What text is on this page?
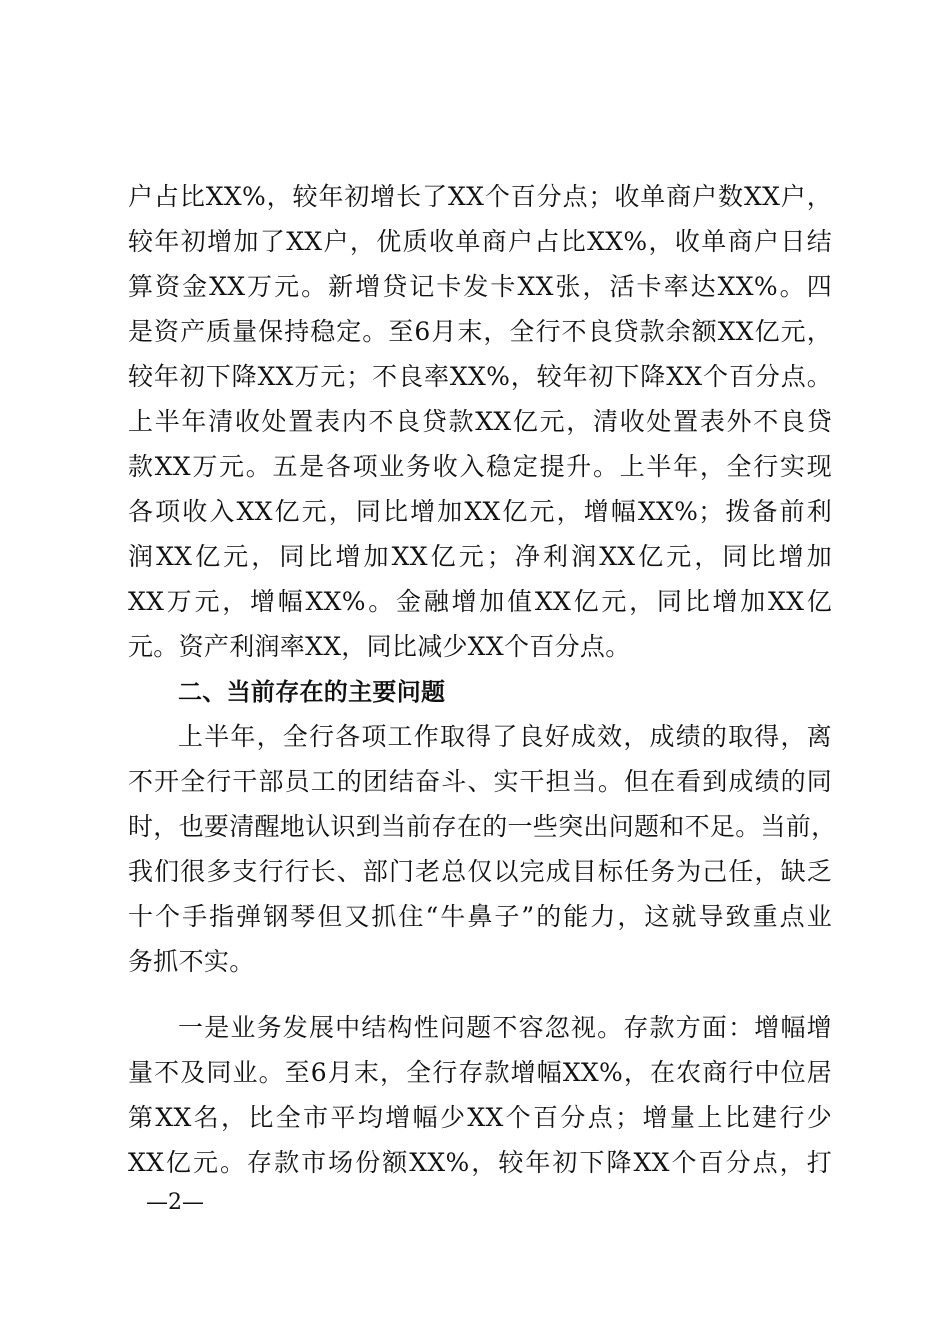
户占比XX%，较年初增长了XX个百分点；收单商户数XX户，
较年初增加了XX户，优质收单商户占比XX%，收单商户日结
算资金XX万元。新增贷记卡发卡XX张，活卡率达XX%。四
是资产质量保持稳定。至6月末，全行不良贷款余额XX亿元，
较年初下降XX万元；不良率XX%，较年初下降XX个百分点。
上半年清收处置表内不良贷款XX亿元，清收处置表外不良贷
款XX万元。五是各项业务收入稳定提升。上半年，全行实现
各项收入XX亿元，同比增加XX亿元，增幅XX%；拨备前利
润XX亿元，同比增加XX亿元；净利润XX亿元，同比增加
XX万元，增幅XX%。金融增加值XX亿元，同比增加XX亿
元。资产利润率XX，同比减少XX个百分点。
二、当前存在的主要问题
上半年，全行各项工作取得了良好成效，成绩的取得，离
不开全行干部员工的团结奋斗、实干担当。但在看到成绩的同
时，也要清醒地认识到当前存在的一些突出问题和不足。当前，
我们很多支行行长、部门老总仅以完成目标任务为己任，缺乏
十个手指弹钢琴但又抓住“牛鼻子”的能力，这就导致重点业
务抓不实。
一是业务发展中结构性问题不容忽视。存款方面：增幅增
量不及同业。至6月末，全行存款增幅XX%，在农商行中位居
第XX名，比全市平均增幅少XX个百分点；增量上比建行少
XX亿元。存款市场份额XX%，较年初下降XX个百分点，打
—2—
